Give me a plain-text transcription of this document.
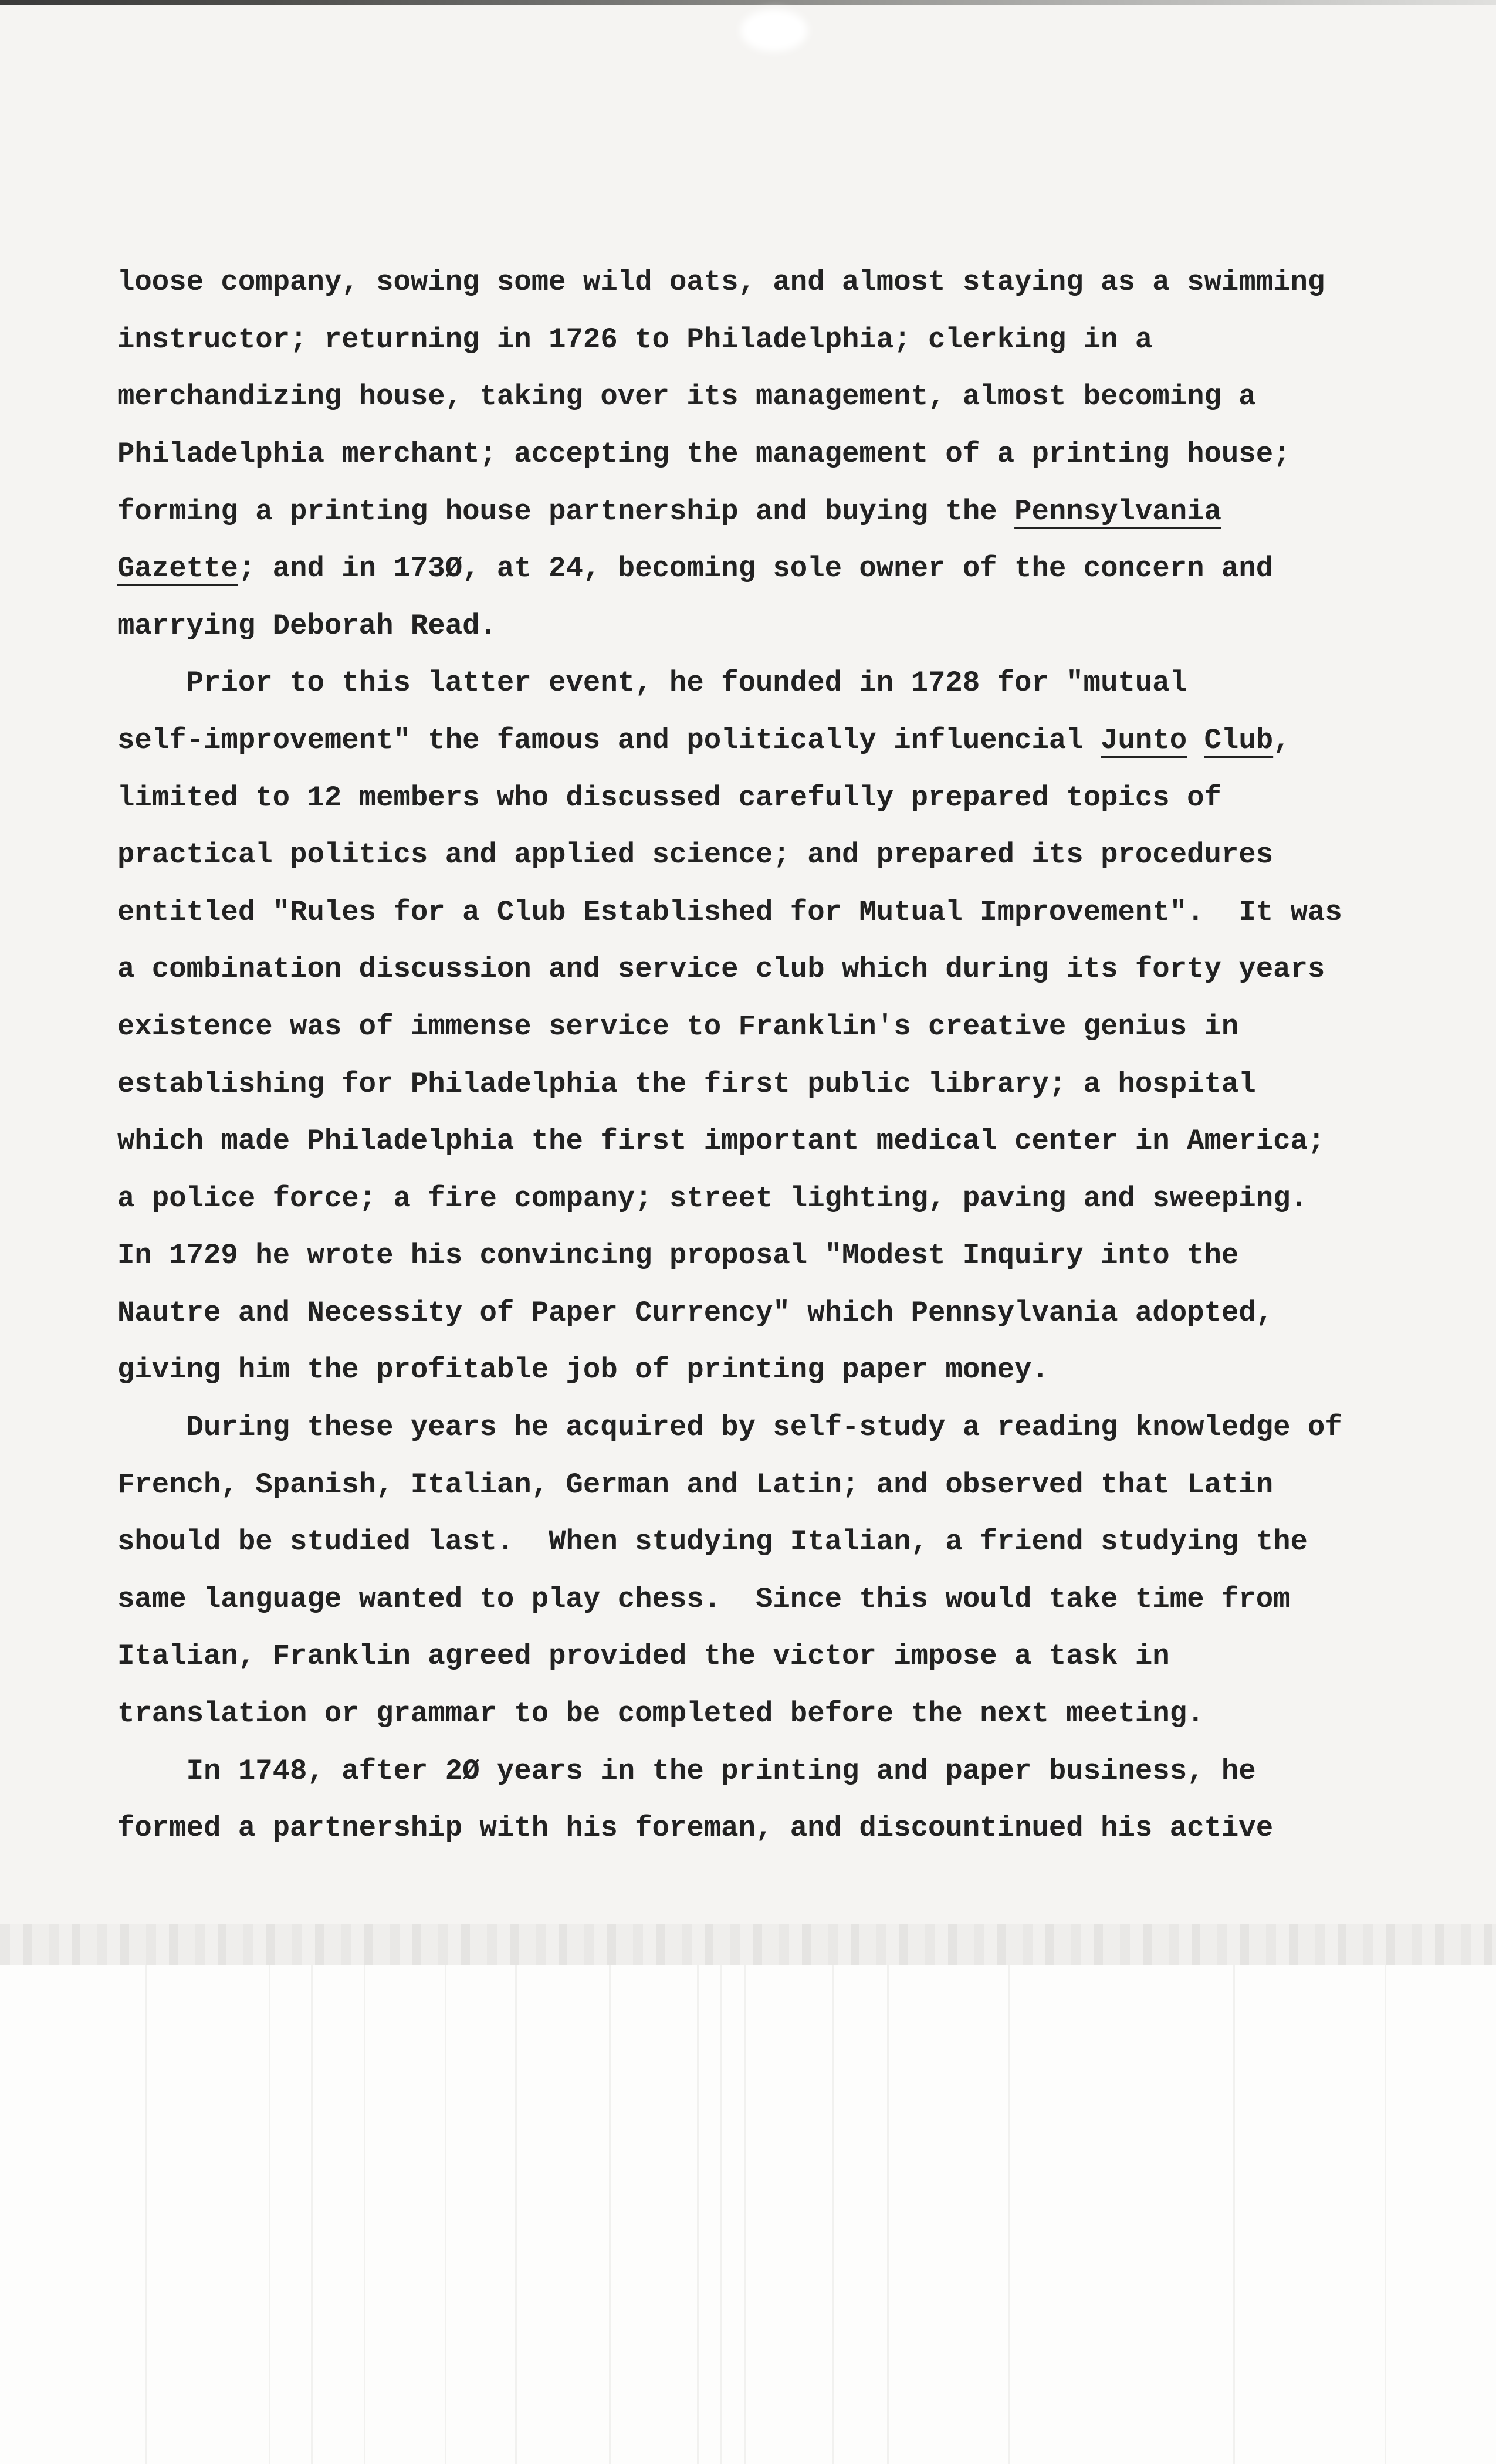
loose company, sowing some wild oats, and almost staying as a swimming
instructor; returning in 1726 to Philadelphia; clerking in a
merchandizing house, taking over its management, almost becoming a
Philadelphia merchant; accepting the management of a printing house;
forming a printing house partnership and buying the Pennsylvania
Gazette; and in 173Ø, at 24, becoming sole owner of the concern and
marrying Deborah Read.
Prior to this latter event, he founded in 1728 for "mutual
self-improvement" the famous and politically influencial Junto Club,
limited to 12 members who discussed carefully prepared topics of
practical politics and applied science; and prepared its procedures
entitled "Rules for a Club Established for Mutual Improvement".  It was
a combination discussion and service club which during its forty years
existence was of immense service to Franklin's creative genius in
establishing for Philadelphia the first public library; a hospital
which made Philadelphia the first important medical center in America;
a police force; a fire company; street lighting, paving and sweeping.
In 1729 he wrote his convincing proposal "Modest Inquiry into the
Nautre and Necessity of Paper Currency" which Pennsylvania adopted,
giving him the profitable job of printing paper money.
During these years he acquired by self-study a reading knowledge of
French, Spanish, Italian, German and Latin; and observed that Latin
should be studied last.  When studying Italian, a friend studying the
same language wanted to play chess.  Since this would take time from
Italian, Franklin agreed provided the victor impose a task in
translation or grammar to be completed before the next meeting.
In 1748, after 2Ø years in the printing and paper business, he
formed a partnership with his foreman, and discountinued his active
